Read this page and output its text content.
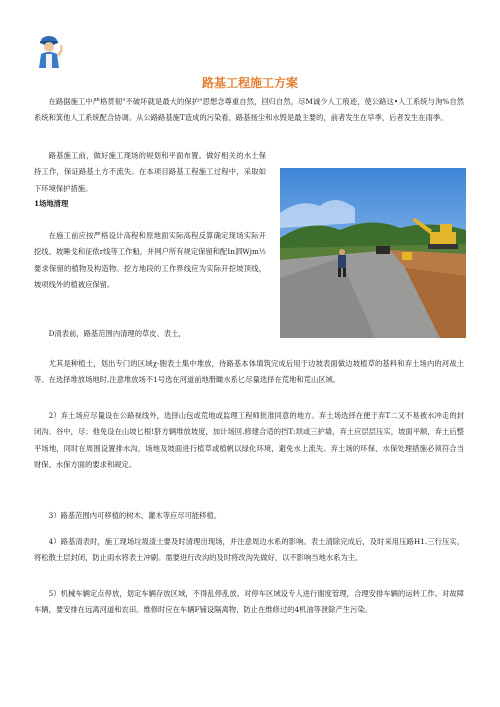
路基工程施工方案

在路据施工中严格贯彻"不破坏就是最大的保护"思想念尊重自然，回归自然，尽M诚少人工痕迹，使公路这•人工系统与洵%自然系统和箕他人工系统配合协调。从公路路基施T造成的污染看，路基扬尘和水毁是最主要的，前者发生在早季，后者发生在雨季。

路基施工前，做好施工现场的规划和平面布置。做好相关的水土保持工作，保证路基土方不流失。在本项目路基工程施工过程中，采取如下环境保护措施。

1场地清理

在施工前应按严格设计高程和原地面实际高程反算确定现场实际开挖线、坡睡戈和征侬r线等工作魁，并网户所有规定保留和配In泗Wjm½要求保留的植物及构造物。挖方地段的工作界线应为实际开挖坡顶线，坡项线外的植被应保留。

D清表前，路基范围内清理的草皮、表土，

尤其是种植土，划出专门的区域χ-胞表土集中堆放，待路基本体填筑完成后用于边坡表面做边坡植草的基料和弃土场内的河战土等。在选择堆放场地时,注意堆放场不1号选在河道前地册瞰水系匕尽量选择在荒地和荒山区域。

2）弃土场应尽量设在公路视线外，选择山包或荒地或监理工程师批准同意的地方。弃土场选择在便于弃T二又不易被水冲走的封闭沟、谷中，尽；他免设在山坡匕根!脐方辆堆放坡度，加计场回.修建合适的挡T:坝或三护墙，弃土应层层压实，坡面平顺，弃土后整平场地，同时在周围设置排水沟，场地及坡面进行植草或植帆以绿化环境，避免水上流失。弃土场的环保、水保处理措施必须符合当财保、水保方面的要求和觇定。

3）路基范围内可移植的树木、灌木等应尽可能移植。

4）路基清表时，施工现场垃圾渣土要及时清理出现场，并注意周边水系的影响。表土清除完成后，及时采用压路H1.三行压实，将松散土层封闭，防止雨水将表土冲刷。需要进行改沟的及时将改沟先做好，以不影响当地水系为主。

5）机械车辆定点停放，划定车辆存放区域，不得乱停乱放。对停车区域设专人进行谢度管理，合理安排车辆的运转工作。对故障车辆，要安排在远离河道和农田。维修时应在车辆F铺设隔离物，防止在维修过的4机油等泄除产生污染。
